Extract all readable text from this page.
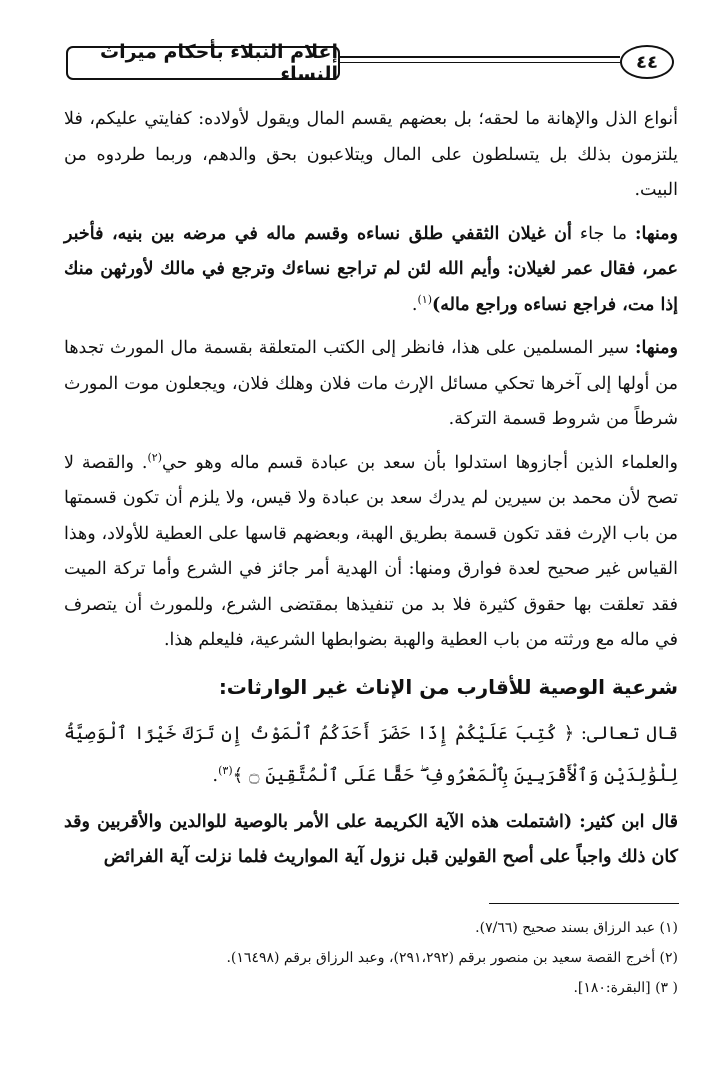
إعلام النبلاء بأحكام ميراث النساء
٤٤

أنواع الذل والإهانة ما لحقه؛ بل بعضهم يقسم المال ويقول لأولاده: كفايتي عليكم، فلا يلتزمون بذلك بل يتسلطون على المال ويتلاعبون بحق والدهم، وربما طردوه من البيت.

ومنها: ما جاء أن غيلان الثقفي طلق نساءه وقسم ماله في مرضه بين بنيه، فأخبر عمر، فقال عمر لغيلان: وأيم الله لئن لم تراجع نساءك وترجع في مالك لأورثهن منك إذا مت، فراجع نساءه وراجع ماله)$^{(١)}$.

ومنها: سير المسلمين على هذا، فانظر إلى الكتب المتعلقة بقسمة مال المورث تجدها من أولها إلى آخرها تحكي مسائل الإرث مات فلان وهلك فلان، ويجعلون موت المورث شرطاً من شروط قسمة التركة.

والعلماء الذين أجازوها استدلوا بأن سعد بن عبادة قسم ماله وهو حي$^{(٢)}$. والقصة لا تصح لأن محمد بن سيرين لم يدرك سعد بن عبادة ولا قيس، ولا يلزم أن تكون قسمتها من باب الإرث فقد تكون قسمة بطريق الهبة، وبعضهم قاسها على العطية للأولاد، وهذا القياس غير صحيح لعدة فوارق ومنها: أن الهدية أمر جائز في الشرع وأما تركة الميت فقد تعلقت بها حقوق كثيرة فلا بد من تنفيذها بمقتضى الشرع، وللمورث أن يتصرف في ماله مع ورثته من باب العطية والهبة بضوابطها الشرعية، فليعلم هذا.

شرعية الوصية للأقارب من الإناث غير الوارثات:

قال تعالى: ﴿ كُتِبَ عَلَيْكُمْ إِذَا حَضَرَ أَحَدَكُمُ ٱلْمَوْتُ إِن تَرَكَ خَيْرًا ٱلْوَصِيَّةُ لِلْوَٰلِدَيْنِ وَٱلْأَقْرَبِينَ بِٱلْمَعْرُوفِ ۖ حَقًّا عَلَى ٱلْمُتَّقِينَ ۝ ﴾$^{(٣)}$.

قال ابن كثير: (اشتملت هذه الآية الكريمة على الأمر بالوصية للوالدين والأقربين وقد كان ذلك واجباً على أصح القولين قبل نزول آية المواريث فلما نزلت آية الفرائض

(١) عبد الرزاق بسند صحيح (٧/٦٦).
(٢) أخرج القصة سعيد بن منصور برقم (٢٩١،٢٩٢)، وعبد الرزاق برقم (١٦٤٩٨).
( ٣) [البقرة:١٨٠].
